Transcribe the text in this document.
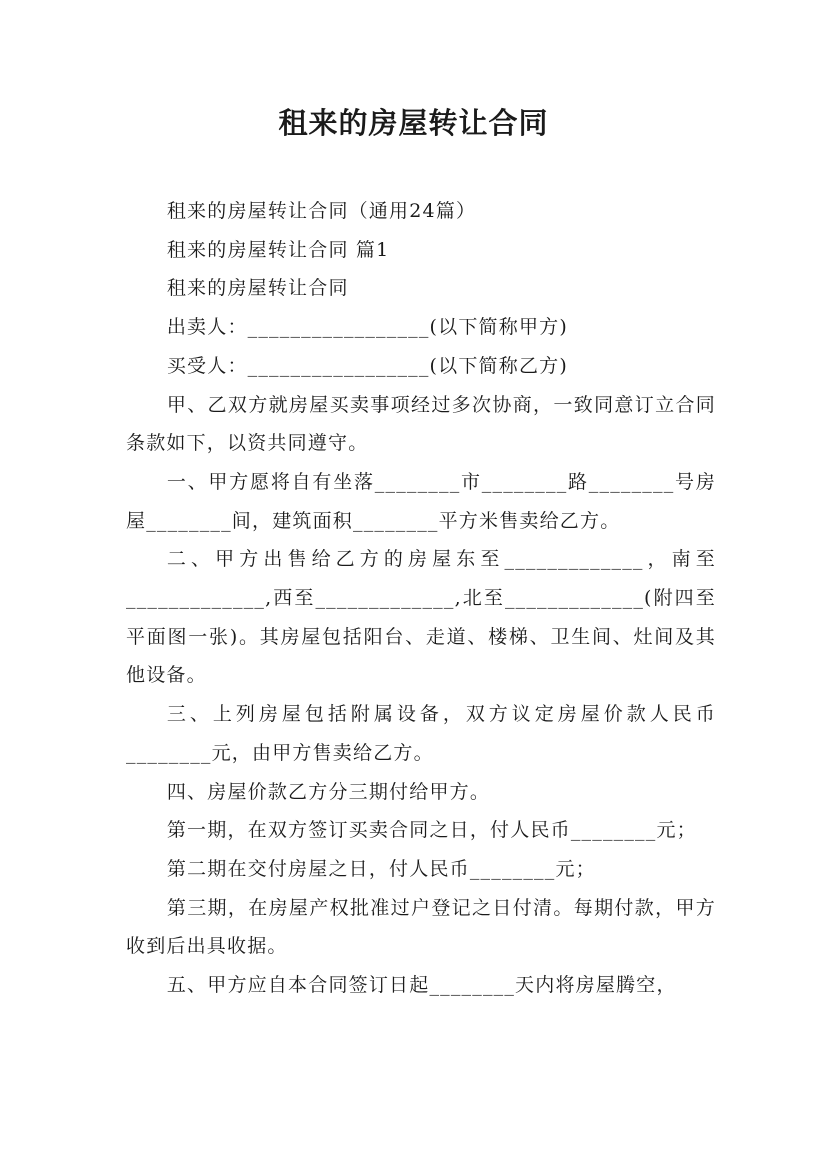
租来的房屋转让合同

租来的房屋转让合同（通用24篇）

租来的房屋转让合同 篇1

租来的房屋转让合同

出卖人：_________________(以下简称甲方)

买受人：_________________(以下简称乙方)

甲、乙双方就房屋买卖事项经过多次协商，一致同意订立合同条款如下，以资共同遵守。

一、甲方愿将自有坐落________市________路________号房屋________间，建筑面积________平方米售卖给乙方。

二、甲方出售给乙方的房屋东至_____________，南至_____________,西至_____________,北至_____________(附四至平面图一张)。其房屋包括阳台、走道、楼梯、卫生间、灶间及其他设备。

三、上列房屋包括附属设备，双方议定房屋价款人民币________元，由甲方售卖给乙方。

四、房屋价款乙方分三期付给甲方。

第一期，在双方签订买卖合同之日，付人民币________元；

第二期在交付房屋之日，付人民币________元；

第三期，在房屋产权批准过户登记之日付清。每期付款，甲方收到后出具收据。

五、甲方应自本合同签订日起________天内将房屋腾空，
